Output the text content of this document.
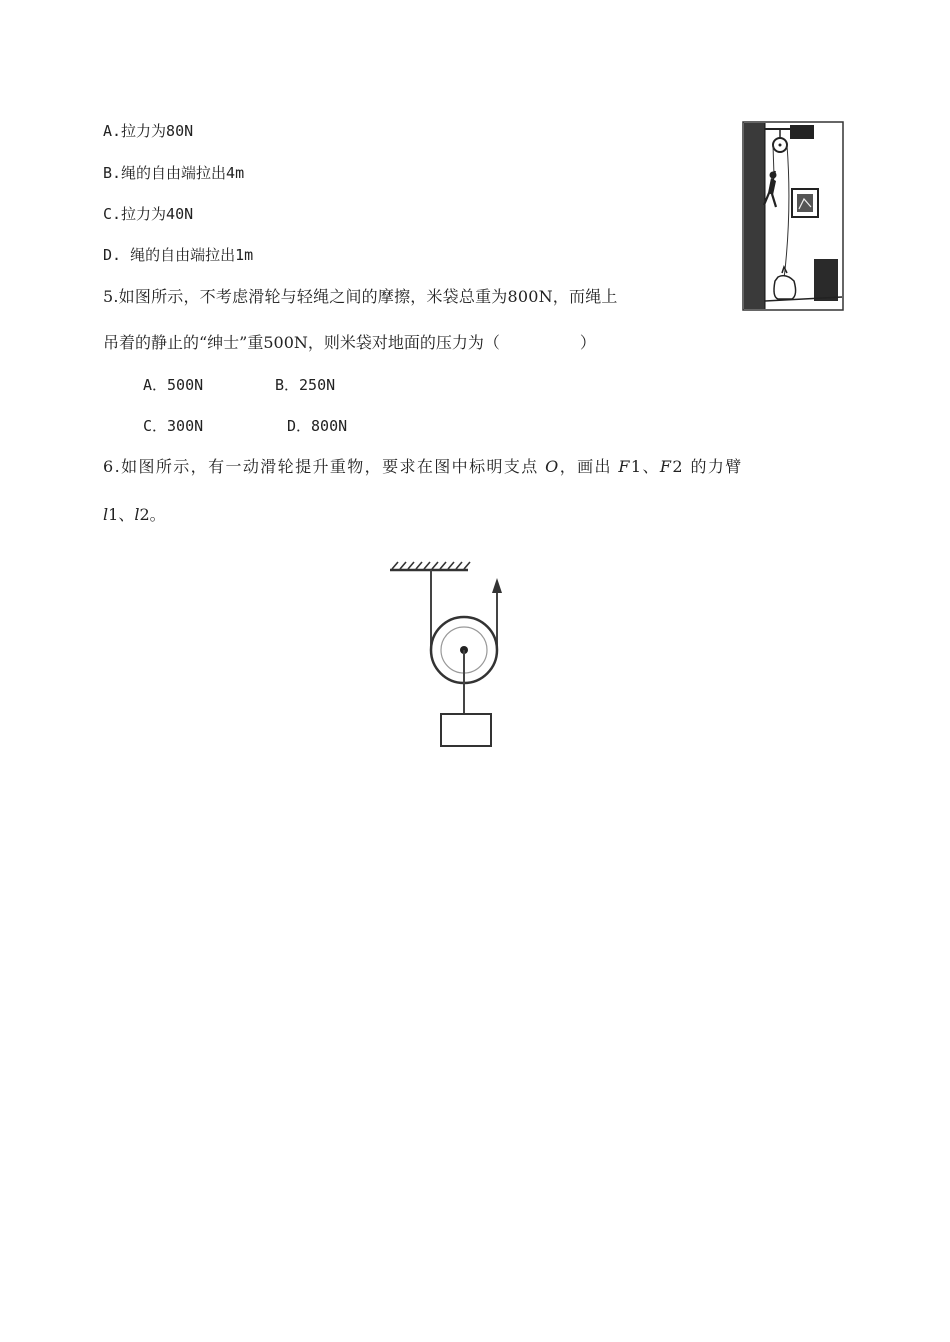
A.拉力为80N
B.绳的自由端拉出4m
C.拉力为40N
D. 绳的自由端拉出1m
5.如图所示，不考虑滑轮与轻绳之间的摩擦，米袋总重为800N，而绳上
吊着的静止的“绅士”重500N，则米袋对地面的压力为（　　　　　）
A．500N	B．250N
C．300N	D．800N
6.如图所示，有一动滑轮提升重物，要求在图中标明支点 O，画出 F1、F2 的力臂
l1、l2。
